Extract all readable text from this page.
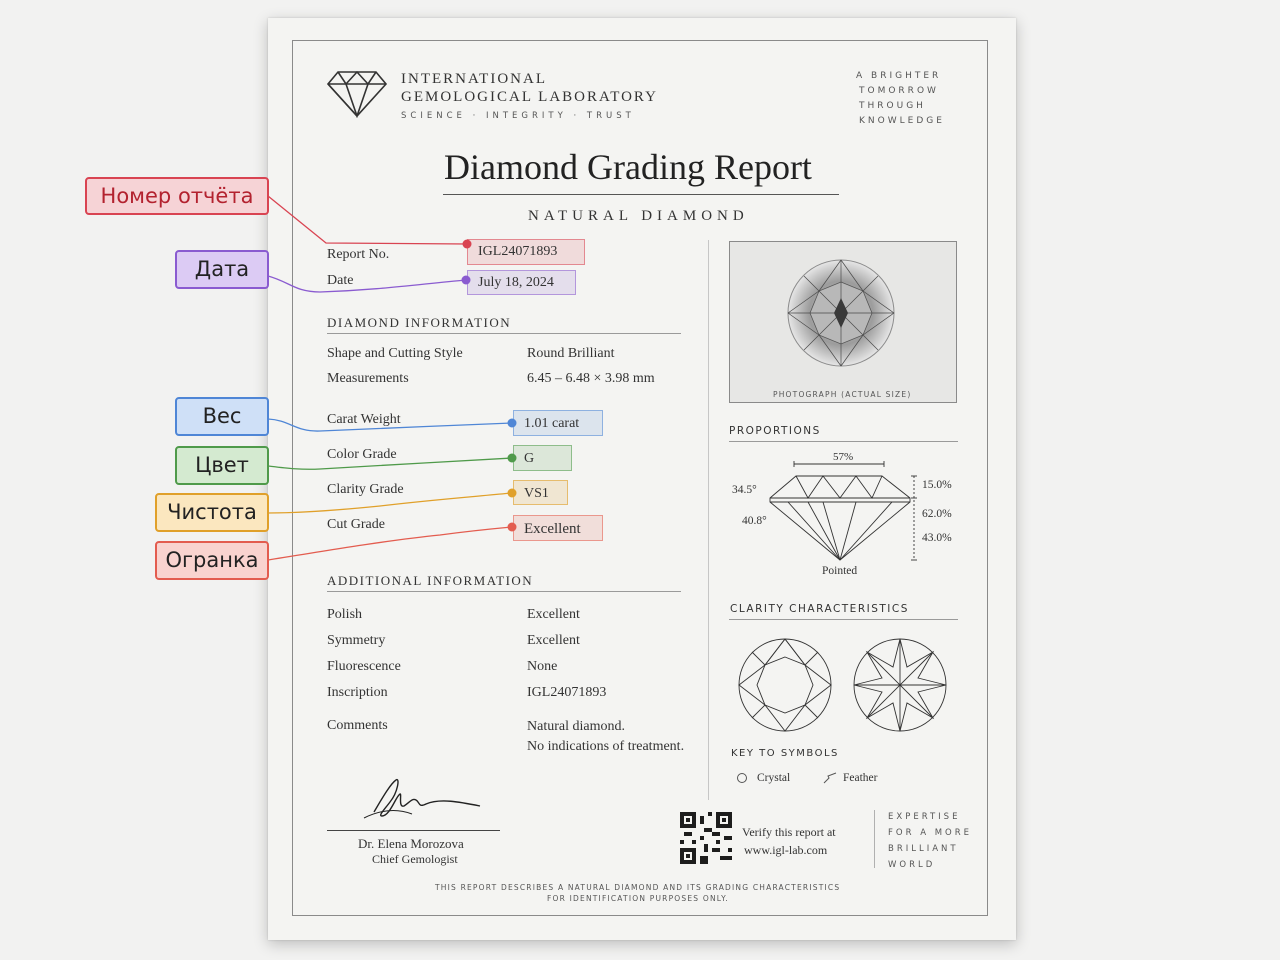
INTERNATIONAL
GEMOLOGICAL LABORATORY
SCIENCE · INTEGRITY · TRUST
A BRIGHTER
TOMORROW
THROUGH
KNOWLEDGE
Diamond Grading Report
NATURAL DIAMOND
Report No.	IGL24071893
Date	July 18, 2024
DIAMOND INFORMATION
Shape and Cutting Style	Round Brilliant
Measurements	6.45 – 6.48 × 3.98 mm
Carat Weight	1.01 carat
Color Grade	G
Clarity Grade	VS1
Cut Grade	Excellent
ADDITIONAL INFORMATION
Polish	Excellent
Symmetry	Excellent
Fluorescence	None
Inscription	IGL24071893
Comments	Natural diamond.
No indications of treatment.
PHOTOGRAPH (ACTUAL SIZE)
PROPORTIONS
57%
34.5°
40.8°
15.0%
62.0%
43.0%
Pointed
CLARITY CHARACTERISTICS
KEY TO SYMBOLS
Crystal	Feather
Dr. Elena Morozova
Chief Gemologist
Verify this report at
www.igl-lab.com
EXPERTISE
FOR A MORE
BRILLIANT
WORLD
THIS REPORT DESCRIBES A NATURAL DIAMOND AND ITS GRADING CHARACTERISTICS
FOR IDENTIFICATION PURPOSES ONLY.
Номер отчёта
Дата
Вес
Цвет
Чистота
Огранка
